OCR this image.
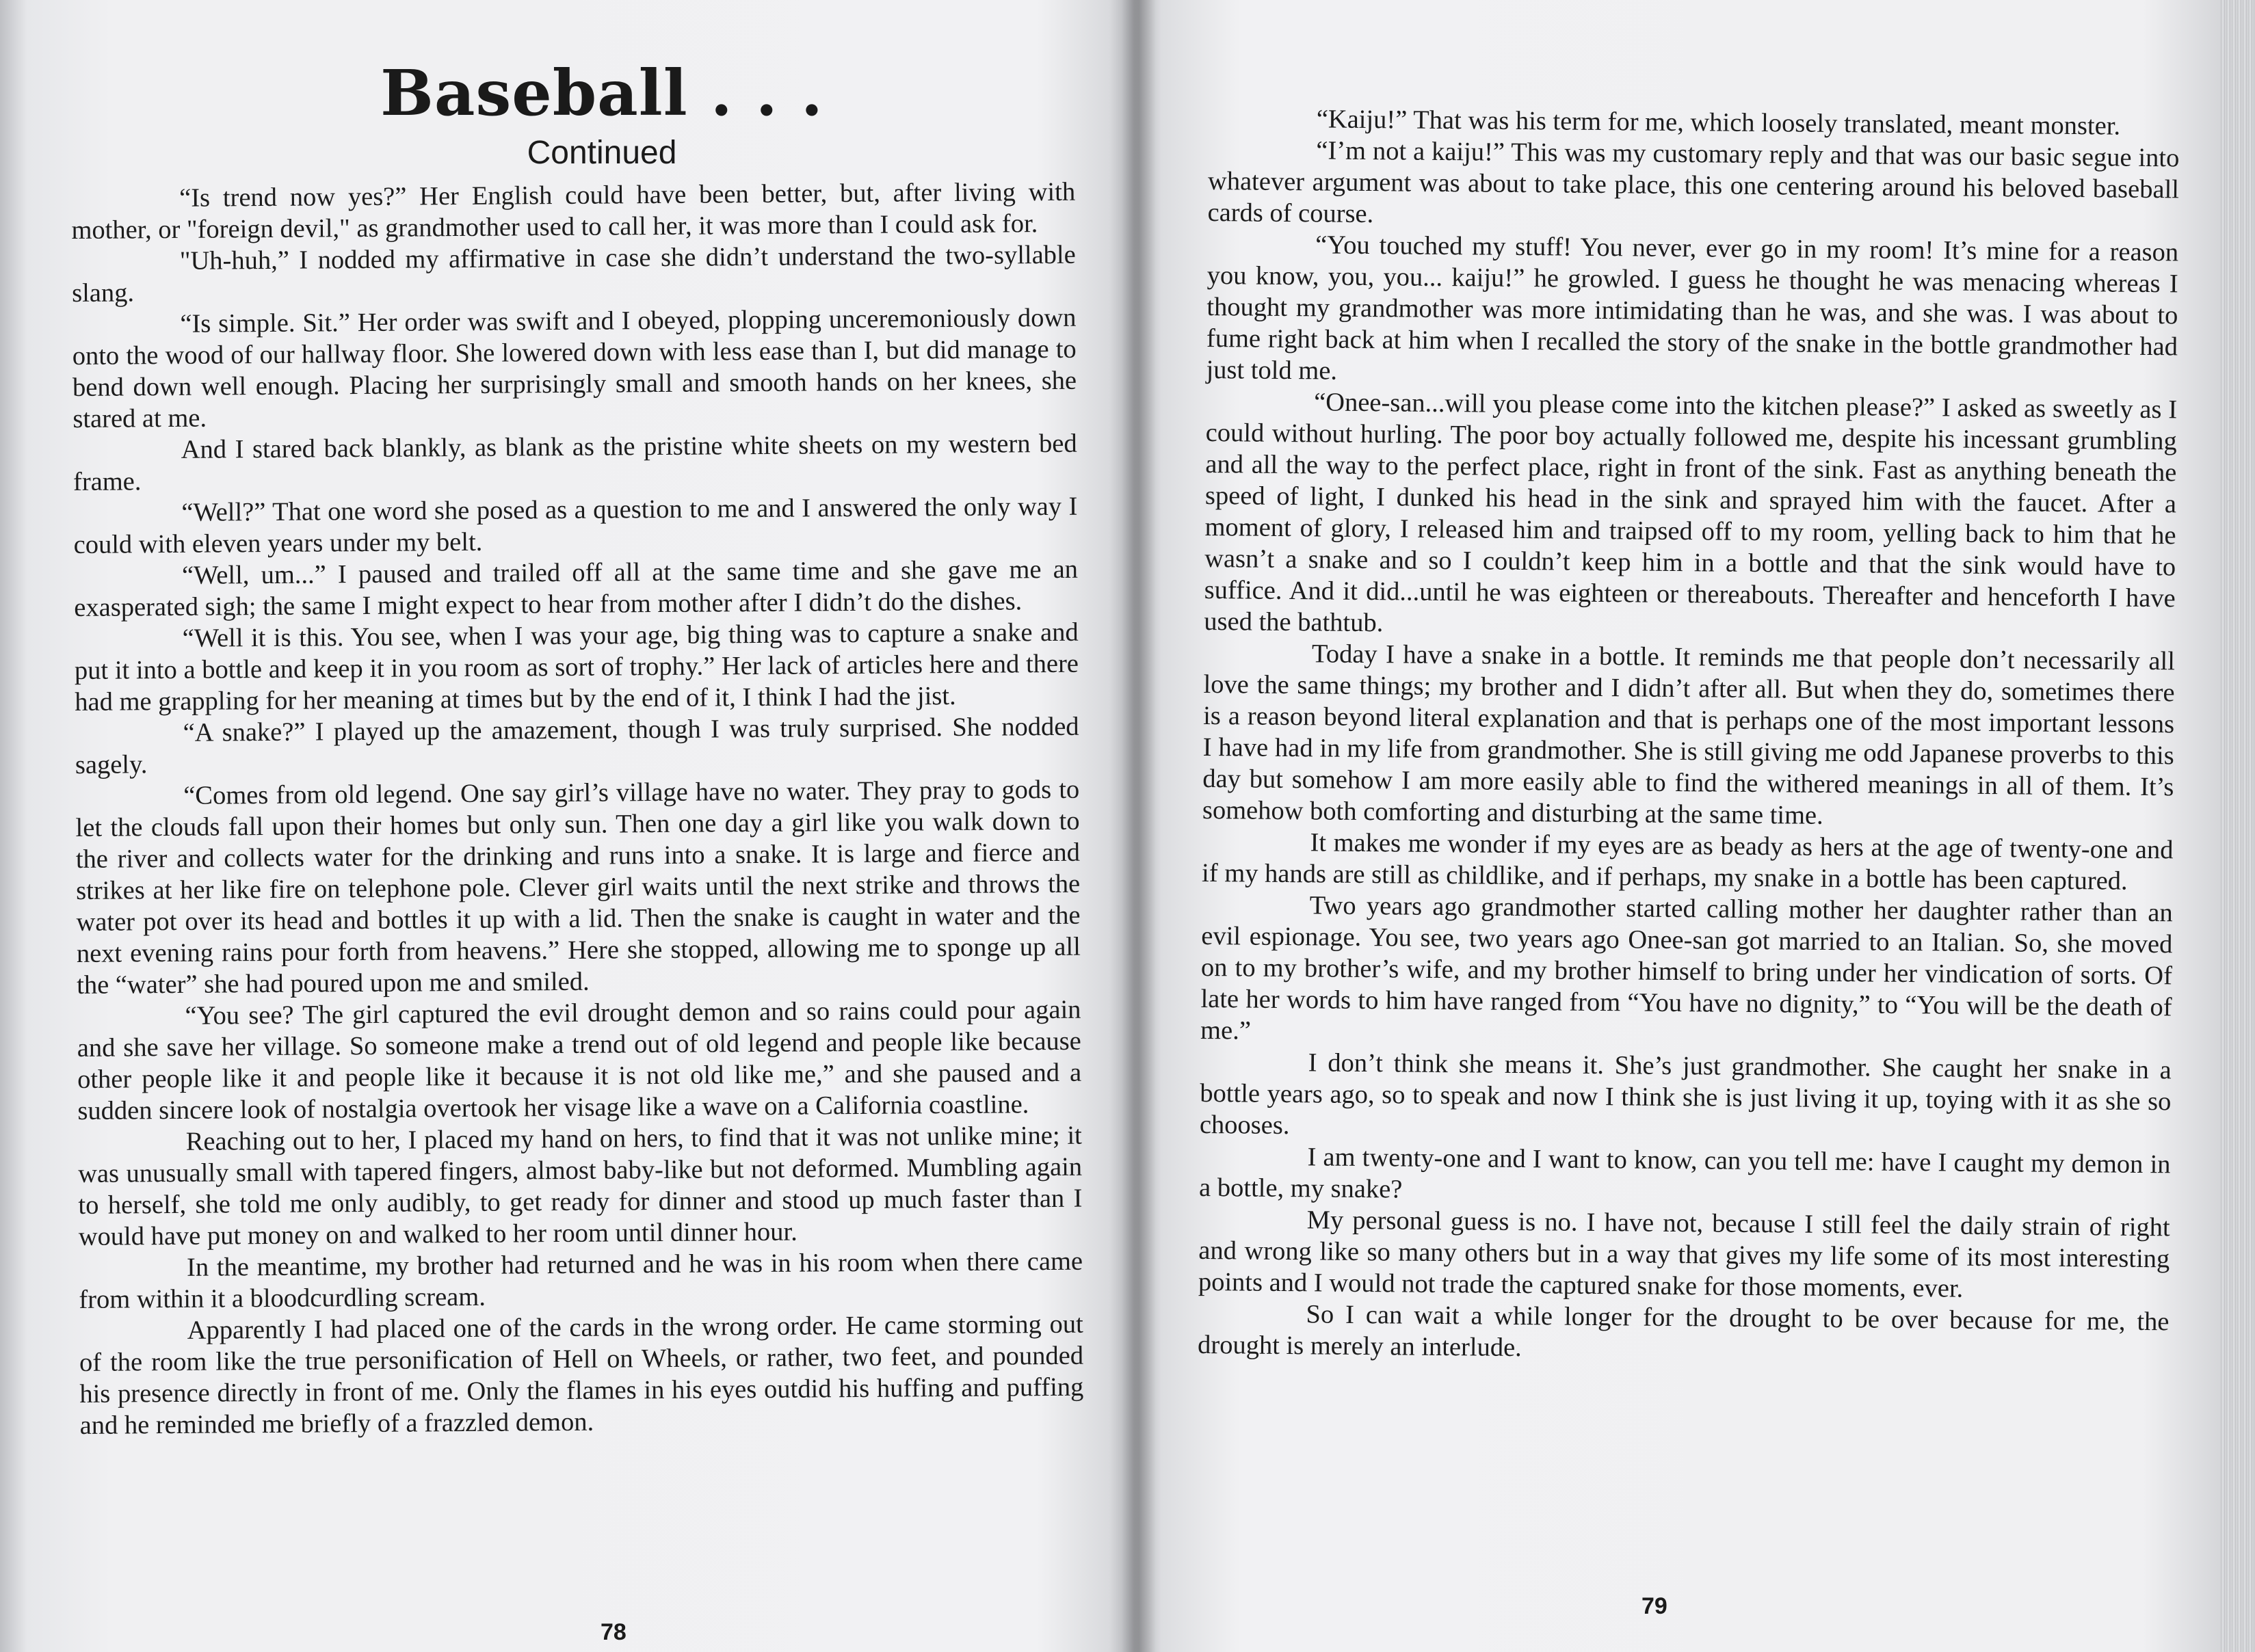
Baseball . . .
Continued

“Is trend now yes?” Her English could have been better, but, after living with mother, or "foreign devil," as grandmother used to call her, it was more than I could ask for.

"Uh-huh,” I nodded my affirmative in case she didn’t understand the two-syllable slang.

“Is simple. Sit.” Her order was swift and I obeyed, plopping unceremoniously down onto the wood of our hallway floor. She lowered down with less ease than I, but did manage to bend down well enough. Placing her surprisingly small and smooth hands on her knees, she stared at me.

And I stared back blankly, as blank as the pristine white sheets on my western bed frame.

“Well?” That one word she posed as a question to me and I answered the only way I could with eleven years under my belt.

“Well, um...” I paused and trailed off all at the same time and she gave me an exasperated sigh; the same I might expect to hear from mother after I didn’t do the dishes.

“Well it is this. You see, when I was your age, big thing was to capture a snake and put it into a bottle and keep it in you room as sort of trophy.” Her lack of articles here and there had me grappling for her meaning at times but by the end of it, I think I had the jist.

“A snake?” I played up the amazement, though I was truly surprised. She nodded sagely.

“Comes from old legend. One say girl’s village have no water. They pray to gods to let the clouds fall upon their homes but only sun. Then one day a girl like you walk down to the river and collects water for the drinking and runs into a snake. It is large and fierce and strikes at her like fire on telephone pole. Clever girl waits until the next strike and throws the water pot over its head and bottles it up with a lid. Then the snake is caught in water and the next evening rains pour forth from heavens.” Here she stopped, allowing me to sponge up all the “water” she had poured upon me and smiled.

“You see? The girl captured the evil drought demon and so rains could pour again and she save her village. So someone make a trend out of old legend and people like because other people like it and people like it because it is not old like me,” and she paused and a sudden sincere look of nostalgia overtook her visage like a wave on a California coastline.

Reaching out to her, I placed my hand on hers, to find that it was not unlike mine; it was unusually small with tapered fingers, almost baby-like but not deformed. Mumbling again to herself, she told me only audibly, to get ready for dinner and stood up much faster than I would have put money on and walked to her room until dinner hour.

In the meantime, my brother had returned and he was in his room when there came from within it a bloodcurdling scream.

Apparently I had placed one of the cards in the wrong order. He came storming out of the room like the true personification of Hell on Wheels, or rather, two feet, and pounded his presence directly in front of me. Only the flames in his eyes outdid his huffing and puffing and he reminded me briefly of a frazzled demon.

78

“Kaiju!” That was his term for me, which loosely translated, meant monster.

“I’m not a kaiju!” This was my customary reply and that was our basic segue into whatever argument was about to take place, this one centering around his beloved baseball cards of course.

“You touched my stuff! You never, ever go in my room! It’s mine for a reason you know, you, you... kaiju!” he growled. I guess he thought he was menacing whereas I thought my grandmother was more intimidating than he was, and she was. I was about to fume right back at him when I recalled the story of the snake in the bottle grandmother had just told me.

“Onee-san...will you please come into the kitchen please?” I asked as sweetly as I could without hurling. The poor boy actually followed me, despite his incessant grumbling and all the way to the perfect place, right in front of the sink. Fast as anything beneath the speed of light, I dunked his head in the sink and sprayed him with the faucet. After a moment of glory, I released him and traipsed off to my room, yelling back to him that he wasn’t a snake and so I couldn’t keep him in a bottle and that the sink would have to suffice. And it did...until he was eighteen or thereabouts. Thereafter and henceforth I have used the bathtub.

Today I have a snake in a bottle. It reminds me that people don’t necessarily all love the same things; my brother and I didn’t after all. But when they do, sometimes there is a reason beyond literal explanation and that is perhaps one of the most important lessons I have had in my life from grandmother. She is still giving me odd Japanese proverbs to this day but somehow I am more easily able to find the withered meanings in all of them. It’s somehow both comforting and disturbing at the same time.

It makes me wonder if my eyes are as beady as hers at the age of twenty-one and if my hands are still as childlike, and if perhaps, my snake in a bottle has been captured.

Two years ago grandmother started calling mother her daughter rather than an evil espionage. You see, two years ago Onee-san got married to an Italian. So, she moved on to my brother’s wife, and my brother himself to bring under her vindication of sorts. Of late her words to him have ranged from “You have no dignity,” to “You will be the death of me.”

I don’t think she means it. She’s just grandmother. She caught her snake in a bottle years ago, so to speak and now I think she is just living it up, toying with it as she so chooses.

I am twenty-one and I want to know, can you tell me: have I caught my demon in a bottle, my snake?

My personal guess is no. I have not, because I still feel the daily strain of right and wrong like so many others but in a way that gives my life some of its most interesting points and I would not trade the captured snake for those moments, ever.

So I can wait a while longer for the drought to be over because for me, the drought is merely an interlude.

79
